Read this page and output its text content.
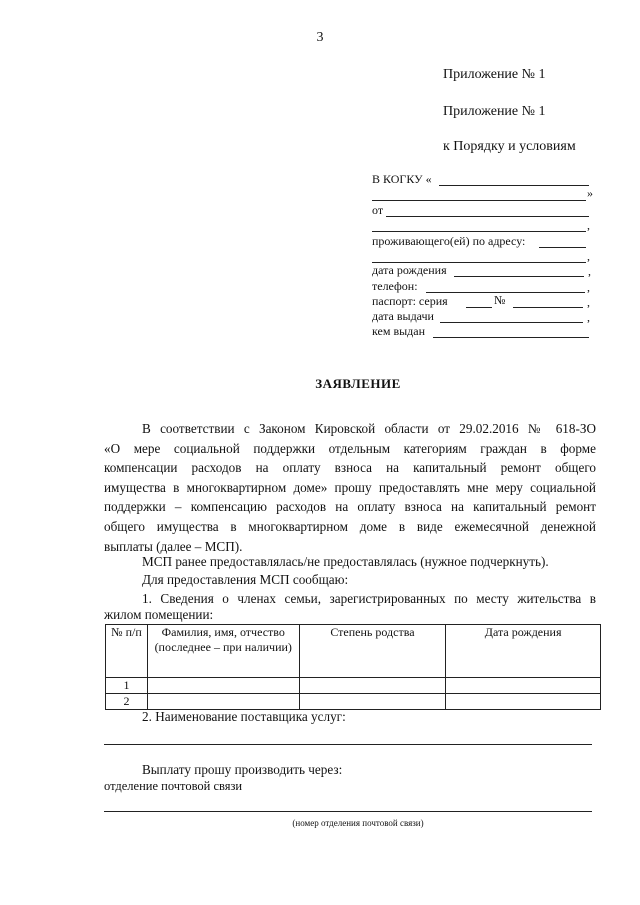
3
Приложение № 1
Приложение № 1
к Порядку и условиям
В КОГКУ «
»
от
,
проживающего(ей) по адресу:
,
дата рождения	,
телефон:	,
паспорт: серия	№	,
дата выдачи	,
кем выдан
ЗАЯВЛЕНИЕ
В соответствии с Законом Кировской области от 29.02.2016 № 618-ЗО
«О мере социальной поддержки отдельным категориям граждан в форме
компенсации расходов на оплату взноса на капитальный ремонт общего
имущества в многоквартирном доме» прошу предоставлять мне меру социальной
поддержки – компенсацию расходов на оплату взноса на капитальный ремонт
общего имущества в многоквартирном доме в виде ежемесячной денежной
выплаты (далее – МСП).
МСП ранее предоставлялась/не предоставлялась (нужное подчеркнуть).
Для предоставления МСП сообщаю:
1. Сведения о членах семьи, зарегистрированных по месту жительства в
жилом помещении:
№ п/п	Фамилия, имя, отчество (последнее – при наличии)	Степень родства	Дата рождения
1			
2			
2. Наименование поставщика услуг:
Выплату прошу производить через:
отделение почтовой связи
(номер отделения почтовой связи)
